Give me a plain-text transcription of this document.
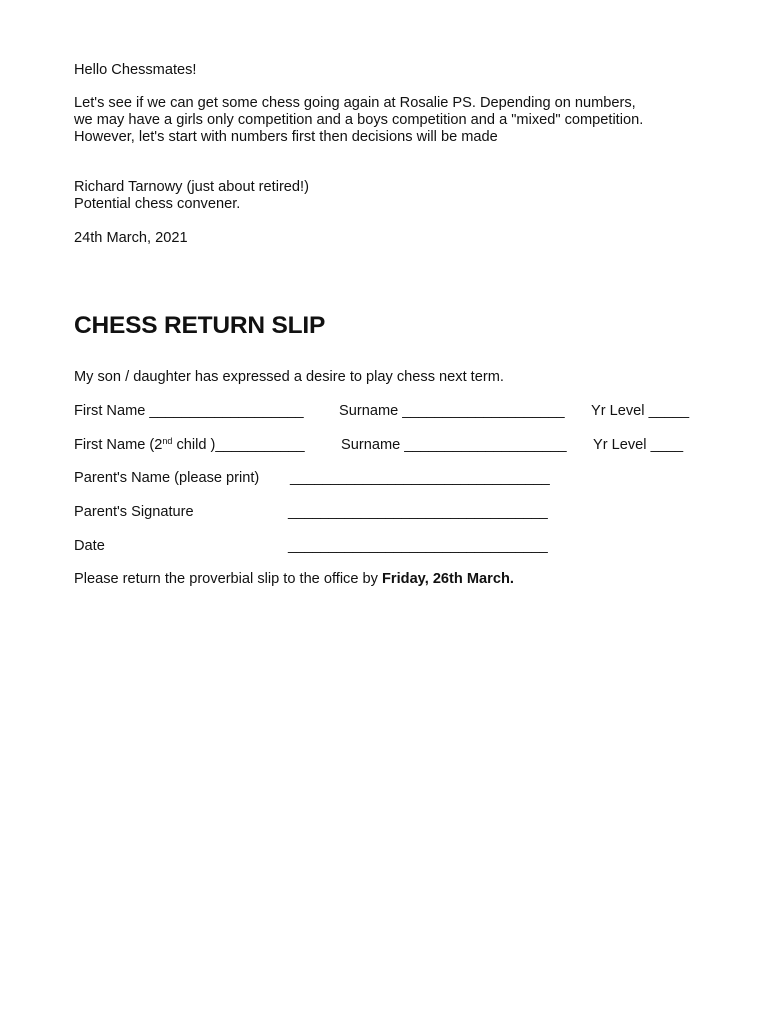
Hello Chessmates!
Let's see if we can get some chess going again at Rosalie PS. Depending on numbers,
we may have a girls only competition and a boys competition and a "mixed" competition.
However, let's start with numbers first then decisions will be made
Richard Tarnowy (just about retired!)
Potential chess convener.
24th March, 2021
CHESS RETURN SLIP
My son / daughter has expressed a desire to play chess next term.
First Name ___________________ Surname ____________________ Yr Level _____
First Name (2nd child )___________ Surname ____________________ Yr Level ____
Parent's Name (please print) ________________________________
Parent's Signature	________________________________
Date	________________________________
Please return the proverbial slip to the office by Friday, 26th March.
